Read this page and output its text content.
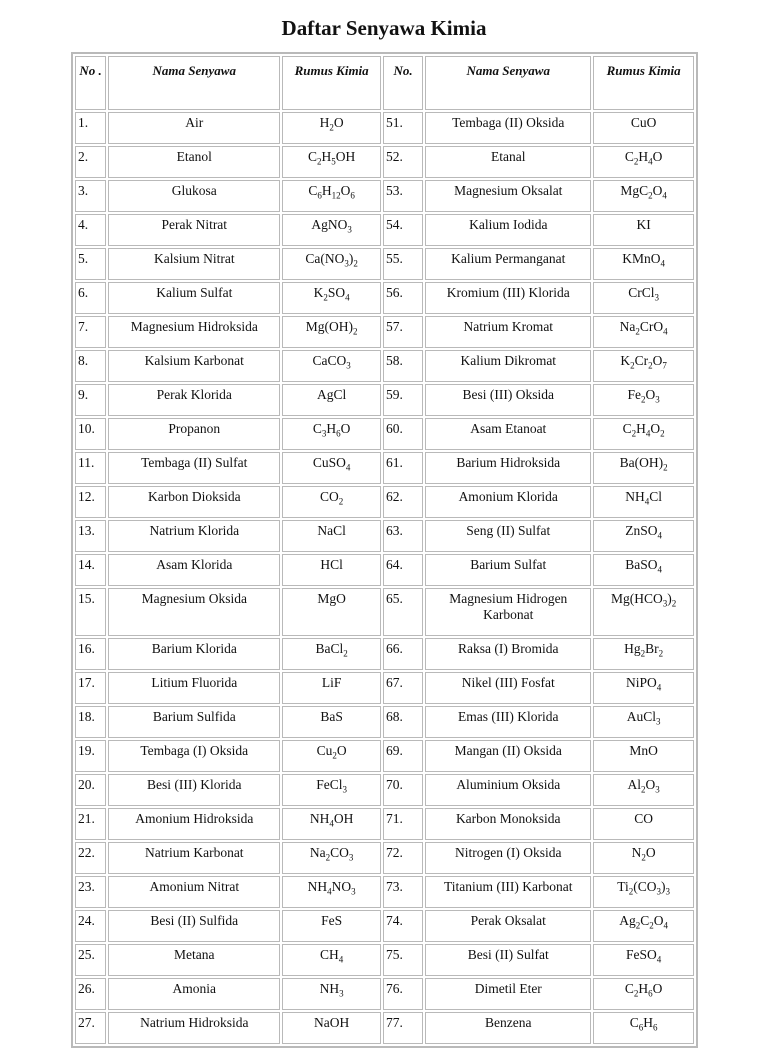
Daftar Senyawa Kimia
No .	Nama Senyawa	Rumus Kimia	No.	Nama Senyawa	Rumus Kimia
1.	Air	$H_2O$	51.	Tembaga (II) Oksida	CuO
2.	Etanol	$C_2H_5OH$	52.	Etanal	$C_2H_4O$
3.	Glukosa	$C_6H_{12}O_6$	53.	Magnesium Oksalat	$MgC_2O_4$
4.	Perak Nitrat	AgNO$_3$	54.	Kalium Iodida	KI
5.	Kalsium Nitrat	$Ca(NO_3)_2$	55.	Kalium Permanganat	KMnO$_4$
6.	Kalium Sulfat	$K_2SO_4$	56.	Kromium (III) Klorida	CrCl$_3$
7.	Magnesium Hidroksida	$Mg(OH)_2$	57.	Natrium Kromat	$Na_2CrO_4$
8.	Kalsium Karbonat	CaCO$_3$	58.	Kalium Dikromat	$K_2Cr_2O_7$
9.	Perak Klorida	AgCl	59.	Besi (III) Oksida	$Fe_2O_3$
10.	Propanon	$C_3H_6O$	60.	Asam Etanoat	$C_2H_4O_2$
11.	Tembaga (II) Sulfat	CuSO$_4$	61.	Barium Hidroksida	$Ba(OH)_2$
12.	Karbon Dioksida	$CO_2$	62.	Amonium Klorida	$NH_4Cl$
13.	Natrium Klorida	NaCl	63.	Seng (II) Sulfat	ZnSO$_4$
14.	Asam Klorida	HCl	64.	Barium Sulfat	BaSO$_4$
15.	Magnesium Oksida	MgO	65.	Magnesium Hidrogen Karbonat	$Mg(HCO_3)_2$
16.	Barium Klorida	BaCl$_2$	66.	Raksa (I) Bromida	$Hg_2Br_2$
17.	Litium Fluorida	LiF	67.	Nikel (III) Fosfat	NiPO$_4$
18.	Barium Sulfida	BaS	68.	Emas (III) Klorida	AuCl$_3$
19.	Tembaga (I) Oksida	$Cu_2O$	69.	Mangan (II) Oksida	MnO
20.	Besi (III) Klorida	FeCl$_3$	70.	Aluminium Oksida	$Al_2O_3$
21.	Amonium Hidroksida	$NH_4OH$	71.	Karbon Monoksida	CO
22.	Natrium Karbonat	$Na_2CO_3$	72.	Nitrogen (I) Oksida	$N_2O$
23.	Amonium Nitrat	$NH_4NO_3$	73.	Titanium (III) Karbonat	$Ti_2(CO_3)_3$
24.	Besi (II) Sulfida	FeS	74.	Perak Oksalat	$Ag_2C_2O_4$
25.	Metana	$CH_4$	75.	Besi (II) Sulfat	FeSO$_4$
26.	Amonia	$NH_3$	76.	Dimetil Eter	$C_2H_6O$
27.	Natrium Hidroksida	NaOH	77.	Benzena	$C_6H_6$
